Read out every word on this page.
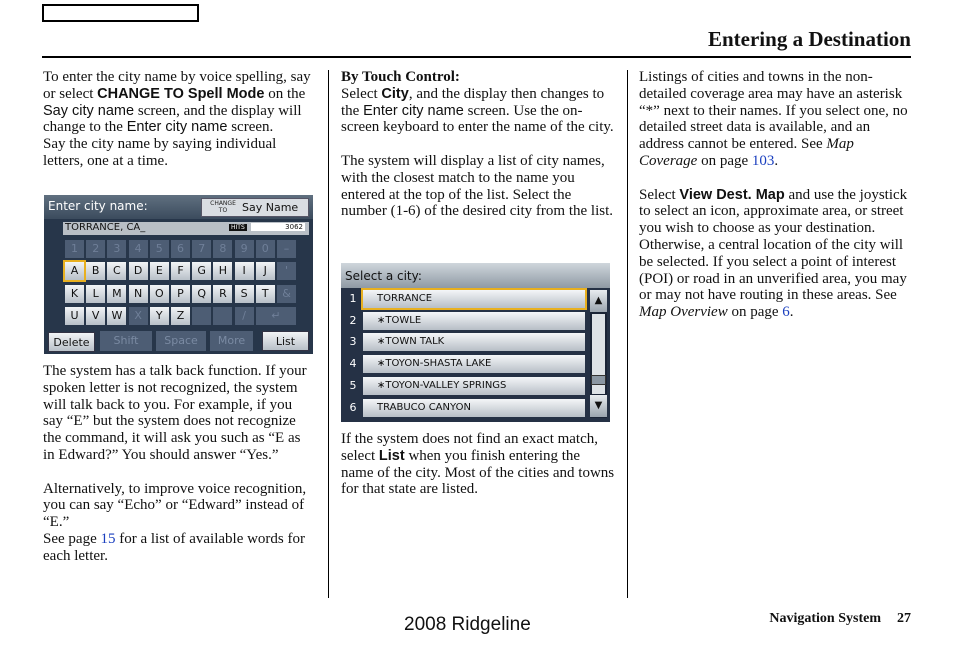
Entering a Destination

To enter the city name by voice spelling, say or select CHANGE TO Spell Mode on the Say city name screen, and the display will change to the Enter city name screen.

Say the city name by saying individual letters, one at a time.

Enter city name:	CHANGE TO	Say Name
TORRANCE, CA_	HITS	3062
1	2	3	4	5	6	7	8	9	0	–
A	B	C	D	E	F	G	H	I	J	'
K	L	M	N	O	P	Q	R	S	T	&
U	V	W	X	Y	Z	/	↵
Delete	Shift	Space	More	List

The system has a talk back function. If your spoken letter is not recognized, the system will talk back to you. For example, if you say “E” but the system does not recognize the command, it will ask you such as “E as in Edward?” You should answer “Yes.”

Alternatively, to improve voice recognition, you can say “Echo” or “Edward” instead of “E.”

See page 15 for a list of available words for each letter.

By Touch Control:

Select City, and the display then changes to the Enter city name screen. Use the on-screen keyboard to enter the name of the city.

The system will display a list of city names, with the closest match to the name you entered at the top of the list. Select the number (1-6) of the desired city from the list.

Select a city:
1	TORRANCE
2	∗TOWLE
3	∗TOWN TALK
4	∗TOYON-SHASTA LAKE
5	∗TOYON-VALLEY SPRINGS
6	TRABUCO CANYON
▲
▼

If the system does not find an exact match, select List when you finish entering the name of the city. Most of the cities and towns for that state are listed.

Listings of cities and towns in the non-detailed coverage area may have an asterisk “*” next to their names. If you select one, no detailed street data is available, and an address cannot be entered. See Map Coverage on page 103.

Select View Dest. Map and use the joystick to select an icon, approximate area, or street you wish to choose as your destination. Otherwise, a central location of the city will be selected. If you select a point of interest (POI) or road in an unverified area, you may or may not have routing in these areas. See Map Overview on page 6.

2008 Ridgeline	Navigation System 27
